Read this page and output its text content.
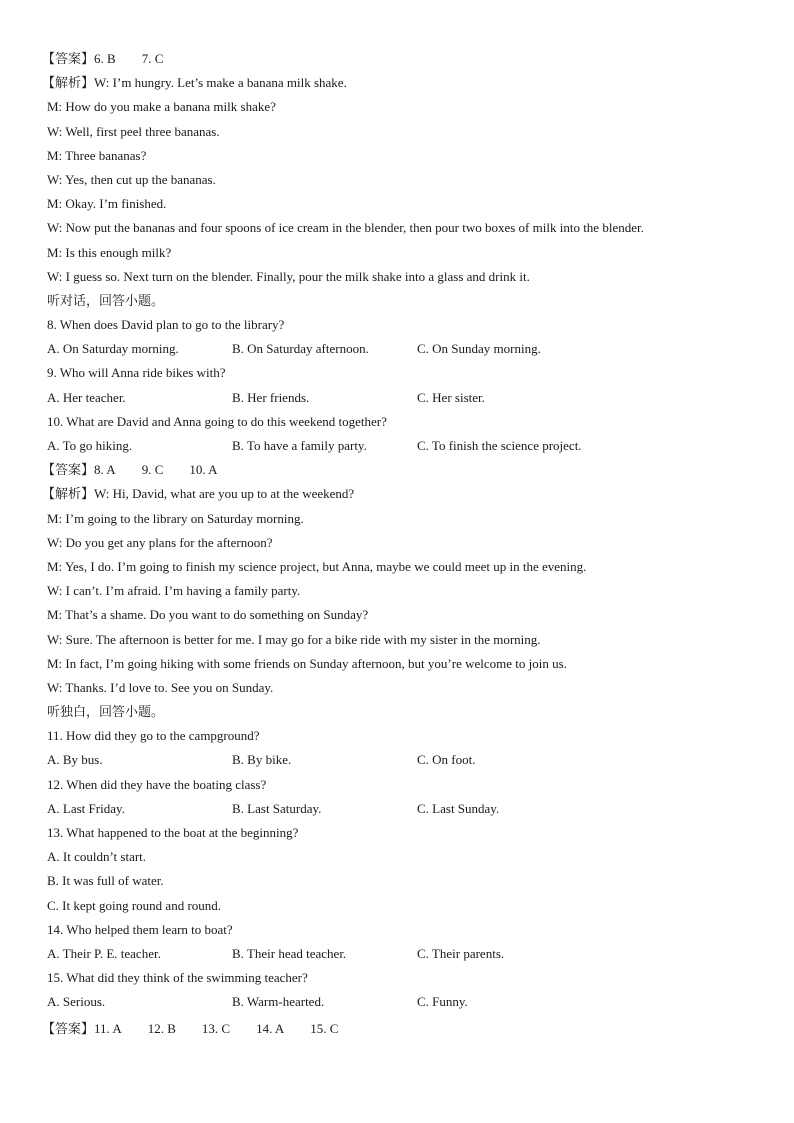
【答案】 6. B 7. C
【解析】 W: I’m hungry. Let’s make a banana milk shake.
M: How do you make a banana milk shake?
W: Well, first peel three bananas.
M: Three bananas?
W: Yes, then cut up the bananas.
M: Okay. I’m finished.
W: Now put the bananas and four spoons of ice cream in the blender, then pour two boxes of milk into the blender.
M: Is this enough milk?
W: I guess so. Next turn on the blender. Finally, pour the milk shake into a glass and drink it.
听对话，回答小题。
8. When does David plan to go to the library?
A. On Saturday morning.	B. On Saturday afternoon.	C. On Sunday morning.
9. Who will Anna ride bikes with?
A. Her teacher.	B. Her friends.	C. Her sister.
10. What are David and Anna going to do this weekend together?
A. To go hiking.	B. To have a family party.	C. To finish the science project.
【答案】 8. A 9. C 10. A
【解析】 W: Hi, David, what are you up to at the weekend?
M: I’m going to the library on Saturday morning.
W: Do you get any plans for the afternoon?
M: Yes, I do. I’m going to finish my science project, but Anna, maybe we could meet up in the evening.
W: I can’t. I’m afraid. I’m having a family party.
M: That’s a shame. Do you want to do something on Sunday?
W: Sure. The afternoon is better for me. I may go for a bike ride with my sister in the morning.
M: In fact, I’m going hiking with some friends on Sunday afternoon, but you’re welcome to join us.
W: Thanks. I’d love to. See you on Sunday.
听独白，回答小题。
11. How did they go to the campground?
A. By bus.	B. By bike.	C. On foot.
12. When did they have the boating class?
A. Last Friday.	B. Last Saturday.	C. Last Sunday.
13. What happened to the boat at the beginning?
A. It couldn’t start.
B. It was full of water.
C. It kept going round and round.
14. Who helped them learn to boat?
A. Their P. E. teacher.	B. Their head teacher.	C. Their parents.
15. What did they think of the swimming teacher?
A. Serious.	B. Warm-hearted.	C. Funny.
【答案】 11. A 12. B 13. C 14. A 15. C
